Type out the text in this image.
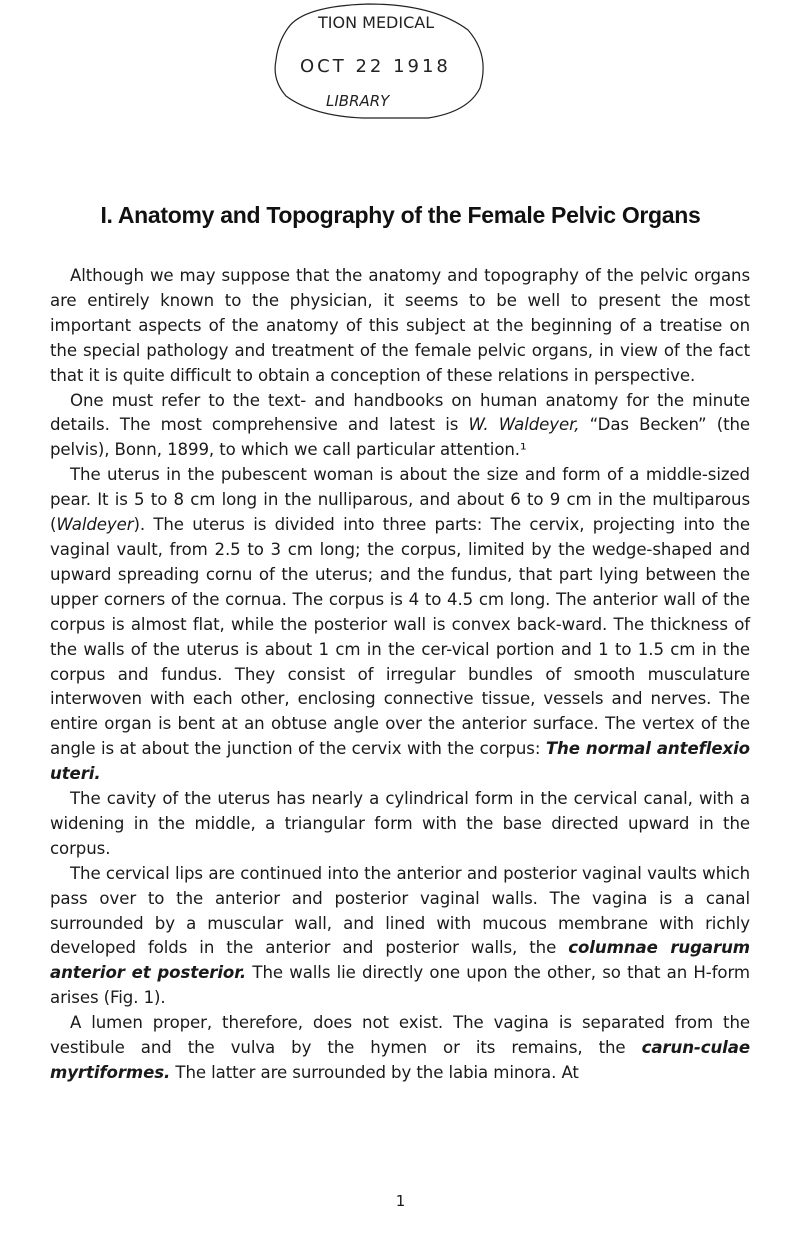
TION MEDICAL
OCT 22 1918
LIBRARY
I. Anatomy and Topography of the Female Pelvic Organs

Although we may suppose that the anatomy and topography of the pelvic organs are entirely known to the physician, it seems to be well to present the most important aspects of the anatomy of this subject at the beginning of a treatise on the special pathology and treatment of the female pelvic organs, in view of the fact that it is quite difficult to obtain a conception of these relations in perspective.

One must refer to the text- and handbooks on human anatomy for the minute details. The most comprehensive and latest is W. Waldeyer, “Das Becken” (the pelvis), Bonn, 1899, to which we call particular attention.¹

The uterus in the pubescent woman is about the size and form of a middle-sized pear. It is 5 to 8 cm long in the nulliparous, and about 6 to 9 cm in the multiparous (Waldeyer). The uterus is divided into three parts: The cervix, projecting into the vaginal vault, from 2.5 to 3 cm long; the corpus, limited by the wedge-shaped and upward spreading cornu of the uterus; and the fundus, that part lying between the upper corners of the cornua. The corpus is 4 to 4.5 cm long. The anterior wall of the corpus is almost flat, while the posterior wall is convex back-ward. The thickness of the walls of the uterus is about 1 cm in the cer-vical portion and 1 to 1.5 cm in the corpus and fundus. They consist of irregular bundles of smooth musculature interwoven with each other, enclosing connective tissue, vessels and nerves. The entire organ is bent at an obtuse angle over the anterior surface. The vertex of the angle is at about the junction of the cervix with the corpus: The normal anteflexio uteri.

The cavity of the uterus has nearly a cylindrical form in the cervical canal, with a widening in the middle, a triangular form with the base directed upward in the corpus.

The cervical lips are continued into the anterior and posterior vaginal vaults which pass over to the anterior and posterior vaginal walls. The vagina is a canal surrounded by a muscular wall, and lined with mucous membrane with richly developed folds in the anterior and posterior walls, the columnae rugarum anterior et posterior. The walls lie directly one upon the other, so that an H-form arises (Fig. 1).

A lumen proper, therefore, does not exist. The vagina is separated from the vestibule and the vulva by the hymen or its remains, the carun-culae myrtiformes. The latter are surrounded by the labia minora. At

1
